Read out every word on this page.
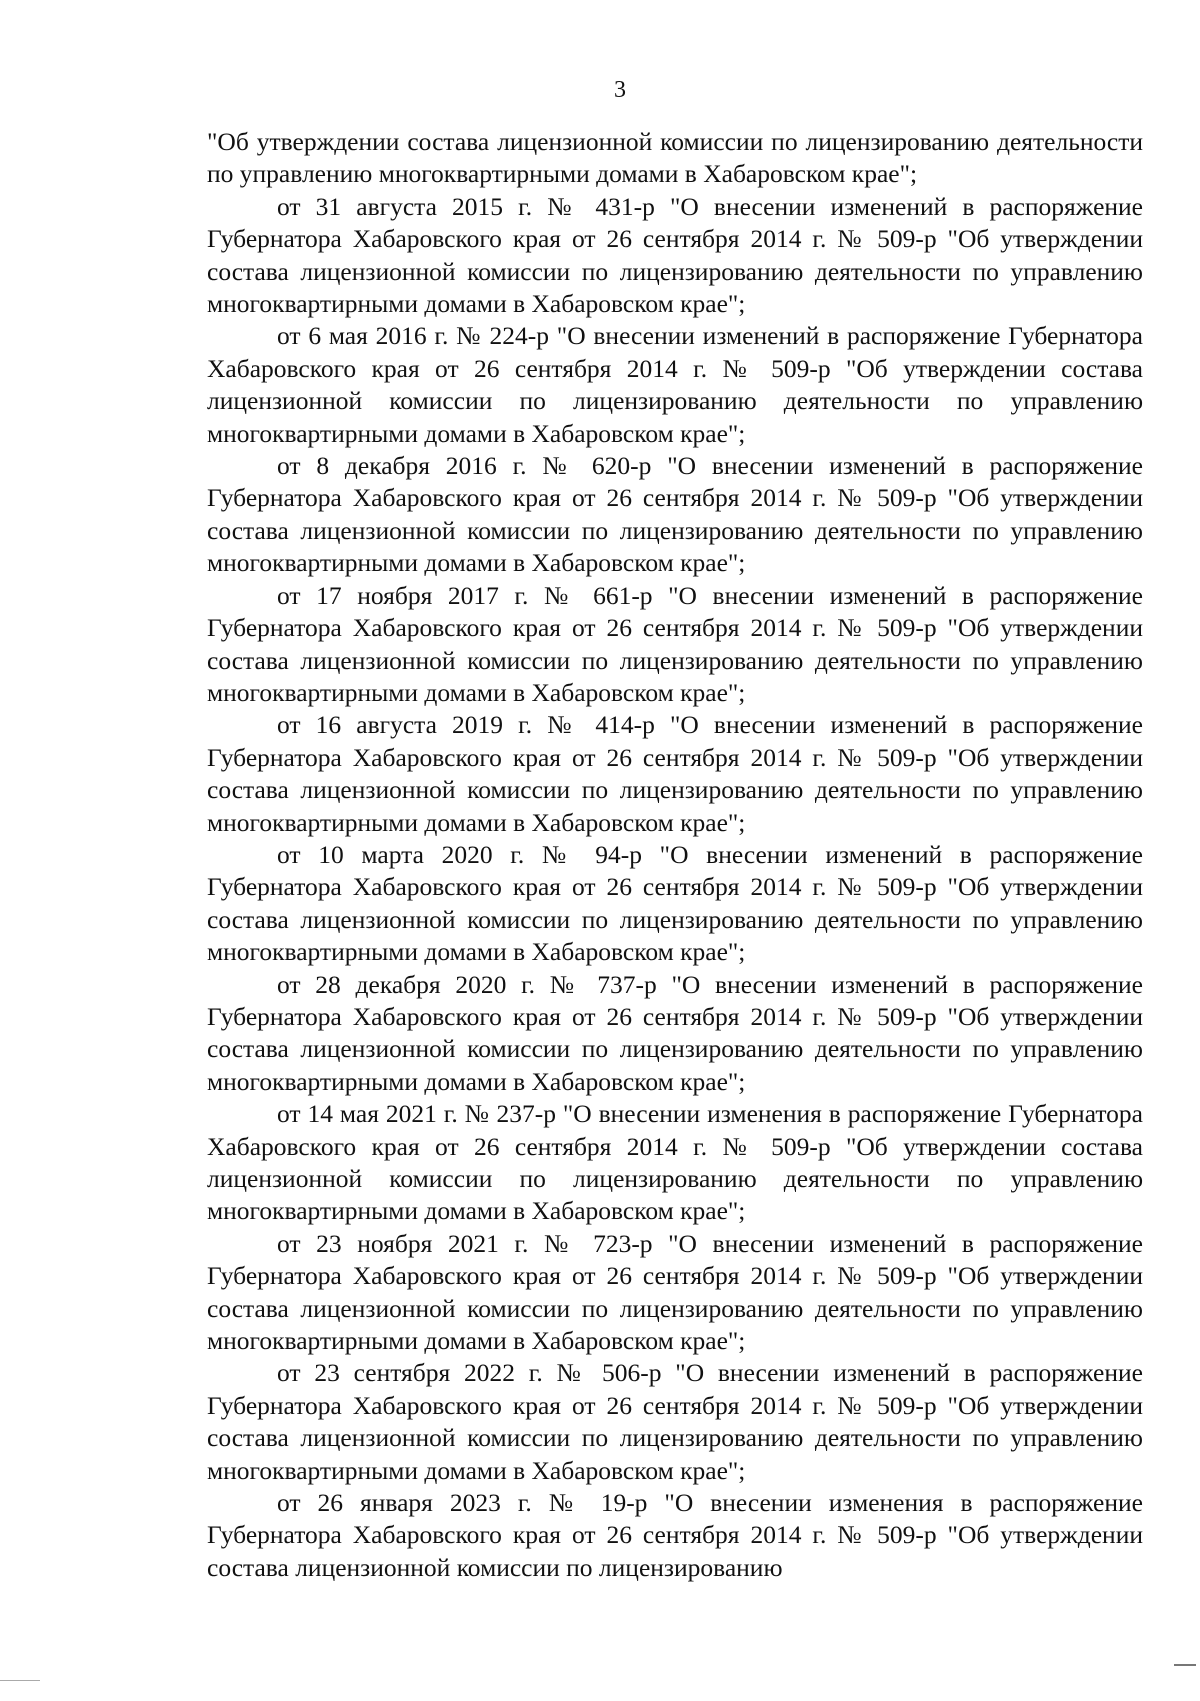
3

"Об утверждении состава лицензионной комиссии по лицензированию деятельности по управлению многоквартирными домами в Хабаровском крае";

от 31 августа 2015 г. № 431-р "О внесении изменений в распоряжение Губернатора Хабаровского края от 26 сентября 2014 г. № 509-р "Об утверждении состава лицензионной комиссии по лицензированию деятельности по управлению многоквартирными домами в Хабаровском крае";

от 6 мая 2016 г. № 224-р "О внесении изменений в распоряжение Губернатора Хабаровского края от 26 сентября 2014 г. № 509-р "Об утверждении состава лицензионной комиссии по лицензированию деятельности по управлению многоквартирными домами в Хабаровском крае";

от 8 декабря 2016 г. № 620-р "О внесении изменений в распоряжение Губернатора Хабаровского края от 26 сентября 2014 г. № 509-р "Об утверждении состава лицензионной комиссии по лицензированию деятельности по управлению многоквартирными домами в Хабаровском крае";

от 17 ноября 2017 г. № 661-р "О внесении изменений в распоряжение Губернатора Хабаровского края от 26 сентября 2014 г. № 509-р "Об утверждении состава лицензионной комиссии по лицензированию деятельности по управлению многоквартирными домами в Хабаровском крае";

от 16 августа 2019 г. № 414-р "О внесении изменений в распоряжение Губернатора Хабаровского края от 26 сентября 2014 г. № 509-р "Об утверждении состава лицензионной комиссии по лицензированию деятельности по управлению многоквартирными домами в Хабаровском крае";

от 10 марта 2020 г. № 94-р "О внесении изменений в распоряжение Губернатора Хабаровского края от 26 сентября 2014 г. № 509-р "Об утверждении состава лицензионной комиссии по лицензированию деятельности по управлению многоквартирными домами в Хабаровском крае";

от 28 декабря 2020 г. № 737-р "О внесении изменений в распоряжение Губернатора Хабаровского края от 26 сентября 2014 г. № 509-р "Об утверждении состава лицензионной комиссии по лицензированию деятельности по управлению многоквартирными домами в Хабаровском крае";

от 14 мая 2021 г. № 237-р "О внесении изменения в распоряжение Губернатора Хабаровского края от 26 сентября 2014 г. № 509-р "Об утверждении состава лицензионной комиссии по лицензированию деятельности по управлению многоквартирными домами в Хабаровском крае";

от 23 ноября 2021 г. № 723-р "О внесении изменений в распоряжение Губернатора Хабаровского края от 26 сентября 2014 г. № 509-р "Об утверждении состава лицензионной комиссии по лицензированию деятельности по управлению многоквартирными домами в Хабаровском крае";

от 23 сентября 2022 г. № 506-р "О внесении изменений в распоряжение Губернатора Хабаровского края от 26 сентября 2014 г. № 509-р "Об утверждении состава лицензионной комиссии по лицензированию деятельности по управлению многоквартирными домами в Хабаровском крае";

от 26 января 2023 г. № 19-р "О внесении изменения в распоряжение Губернатора Хабаровского края от 26 сентября 2014 г. № 509-р "Об утверждении состава лицензионной комиссии по лицензированию
